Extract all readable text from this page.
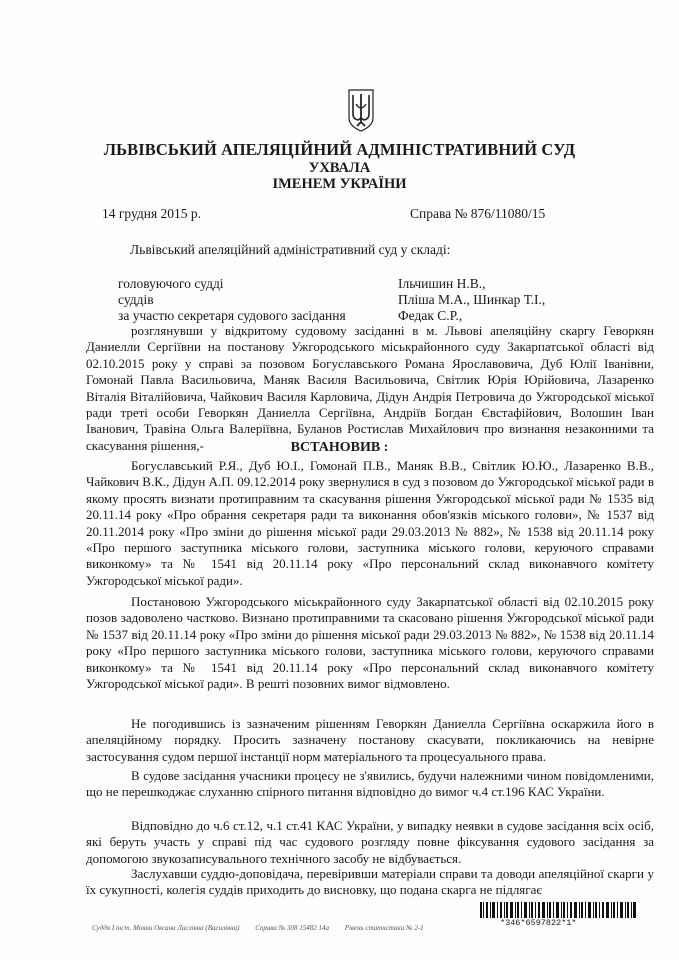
ЛЬВІВСЬКИЙ АПЕЛЯЦІЙНИЙ АДМІНІСТРАТИВНИЙ СУД
УХВАЛА
ІМЕНЕМ УКРАЇНИ
14 грудня 2015 р.	Справа № 876/11080/15
Львівський апеляційний адміністративний суд у складі:
головуючого судді	Ільчишин Н.В.,
суддів	Пліша М.А., Шинкар Т.І.,
за участю секретаря судового засідання	Федак С.Р.,
розглянувши у відкритому судовому засіданні в м. Львові апеляційну скаргу Геворкян Даниелли Сергіївни на постанову Ужгородського міськрайонного суду Закарпатської області від 02.10.2015 року у справі за позовом Богуславського Романа Ярославовича, Дуб Юлії Іванівни, Гомонай Павла Васильовича, Маняк Василя Васильовича, Світлик Юрія Юрійовича, Лазаренко Віталія Віталійовича, Чайкович Василя Карловича, Дідун Андрія Петровича до Ужгородської міської ради треті особи Геворкян Даниелла Сергіївна, Андріїв Богдан Євстафійович, Волошин Іван Іванович, Травіна Ольга Валеріївна, Буланов Ростислав Михайлович про визнання незаконними та скасування рішення,-	ВСТАНОВИВ :
Богуславський Р.Я., Дуб Ю.І., Гомонай П.В., Маняк В.В., Світлик Ю.Ю., Лазаренко В.В., Чайкович В.К., Дідун А.П. 09.12.2014 року звернулися в суд з позовом до Ужгородської міської ради в якому просять визнати протиправним та скасування рішення Ужгородської міської ради № 1535 від 20.11.14 року «Про обрання секретаря ради та виконання обов'язків міського голови», № 1537 від 20.11.2014 року «Про зміни до рішення міської ради 29.03.2013 № 882», № 1538 від 20.11.14 року «Про першого заступника міського голови, заступника міського голови, керуючого справами виконкому» та № 1541 від 20.11.14 року «Про персональний склад виконавчого комітету Ужгородської міської ради».
Постановою Ужгородського міськрайонного суду Закарпатської області від 02.10.2015 року позов задоволено частково. Визнано протиправними та скасовано рішення Ужгородської міської ради № 1537 від 20.11.14 року «Про зміни до рішення міської ради 29.03.2013 № 882», № 1538 від 20.11.14 року «Про першого заступника міського голови, заступника міського голови, керуючого справами виконкому» та № 1541 від 20.11.14 року «Про персональний склад виконавчого комітету Ужгородської міської ради». В решті позовних вимог відмовлено.
Не погодившись із зазначеним рішенням Геворкян Даниелла Сергіївна оскаржила його в апеляційному порядку. Просить зазначену постанову скасувати, покликаючись на невірне застосування судом першої інстанції норм матеріального та процесуального права.
В судове засідання учасники процесу не з'явились, будучи належними чином повідомленими, що не перешкоджає слуханню спірного питання відповідно до вимог ч.4 ст.196 КАС України.
Відповідно до ч.6 ст.12, ч.1 ст.41 КАС України, у випадку неявки в судове засідання всіх осіб, які беруть участь у справі під час судового розгляду повне фіксування судового засідання за допомогою звукозаписувального технічного засобу не відбувається.
Заслухавши суддю-доповідача, перевіривши матеріали справи та доводи апеляційної скарги у їх сукупності, колегія суддів приходить до висновку, що подана скарга не підлягає
Суддя І інст. Мовин Оксана Ласлівна (Василівна) Справа № 308 15482 14а Рівень статистики № 2-1	*346*6597822*1*
